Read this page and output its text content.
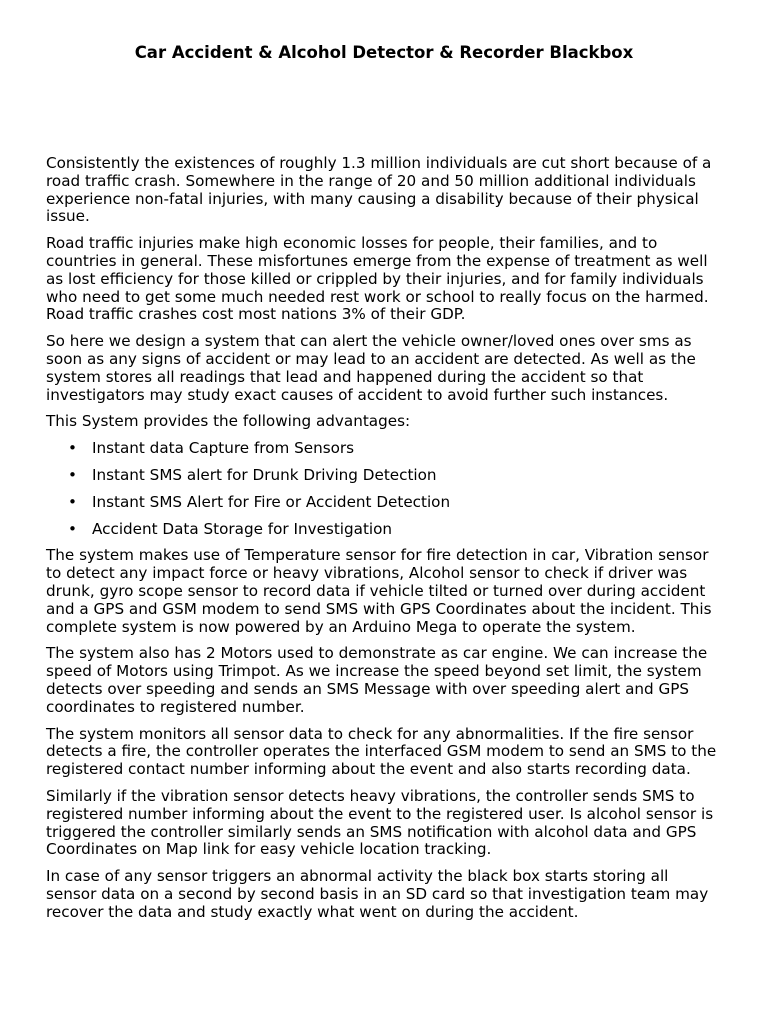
Car Accident & Alcohol Detector & Recorder Blackbox

Consistently the existences of roughly 1.3 million individuals are cut short because of a road traffic crash. Somewhere in the range of 20 and 50 million additional individuals experience non-fatal injuries, with many causing a disability because of their physical issue.

Road traffic injuries make high economic losses for people, their families, and to countries in general. These misfortunes emerge from the expense of treatment as well as lost efficiency for those killed or crippled by their injuries, and for family individuals who need to get some much needed rest work or school to really focus on the harmed. Road traffic crashes cost most nations 3% of their GDP.

So here we design a system that can alert the vehicle owner/loved ones over sms as soon as any signs of accident or may lead to an accident are detected. As well as the system stores all readings that lead and happened during the accident so that investigators may study exact causes of accident to avoid further such instances.

This System provides the following advantages:

• Instant data Capture from Sensors
• Instant SMS alert for Drunk Driving Detection
• Instant SMS Alert for Fire or Accident Detection
• Accident Data Storage for Investigation

The system makes use of Temperature sensor for fire detection in car, Vibration sensor to detect any impact force or heavy vibrations, Alcohol sensor to check if driver was drunk, gyro scope sensor to record data if vehicle tilted or turned over during accident and a GPS and GSM modem to send SMS with GPS Coordinates about the incident. This complete system is now powered by an Arduino Mega to operate the system.

The system also has 2 Motors used to demonstrate as car engine. We can increase the speed of Motors using Trimpot. As we increase the speed beyond set limit, the system detects over speeding and sends an SMS Message with over speeding alert and GPS coordinates to registered number.

The system monitors all sensor data to check for any abnormalities. If the fire sensor detects a fire, the controller operates the interfaced GSM modem to send an SMS to the registered contact number informing about the event and also starts recording data.

Similarly if the vibration sensor detects heavy vibrations, the controller sends SMS to registered number informing about the event to the registered user. Is alcohol sensor is triggered the controller similarly sends an SMS notification with alcohol data and GPS Coordinates on Map link for easy vehicle location tracking.

In case of any sensor triggers an abnormal activity the black box starts storing all sensor data on a second by second basis in an SD card so that investigation team may recover the data and study exactly what went on during the accident.
